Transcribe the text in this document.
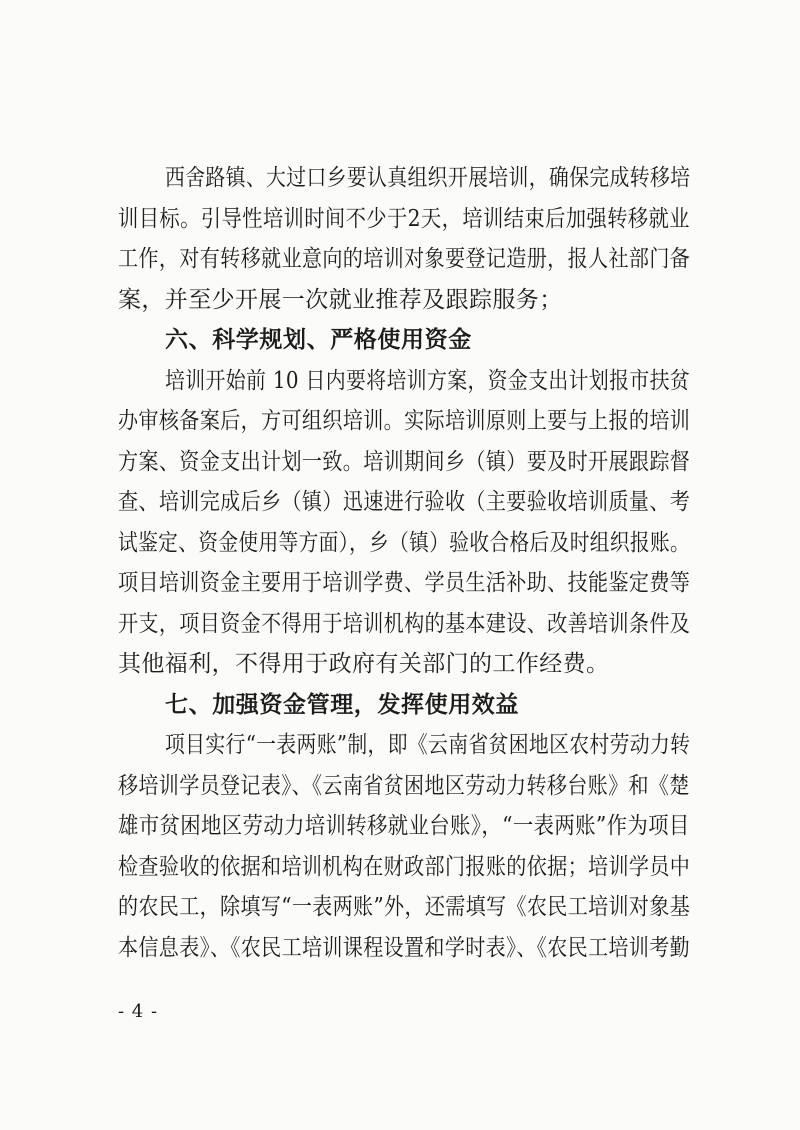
西舍路镇、大过口乡要认真组织开展培训，确保完成转移培
训目标。引导性培训时间不少于2天，培训结束后加强转移就业
工作，对有转移就业意向的培训对象要登记造册，报人社部门备
案，并至少开展一次就业推荐及跟踪服务；
六、科学规划、严格使用资金
培训开始前 10 日内要将培训方案，资金支出计划报市扶贫
办审核备案后，方可组织培训。实际培训原则上要与上报的培训
方案、资金支出计划一致。培训期间乡（镇）要及时开展跟踪督
查、培训完成后乡（镇）迅速进行验收（主要验收培训质量、考
试鉴定、资金使用等方面），乡（镇）验收合格后及时组织报账。
项目培训资金主要用于培训学费、学员生活补助、技能鉴定费等
开支，项目资金不得用于培训机构的基本建设、改善培训条件及
其他福利，不得用于政府有关部门的工作经费。
七、加强资金管理，发挥使用效益
项目实行“一表两账”制，即《云南省贫困地区农村劳动力转
移培训学员登记表》、《云南省贫困地区劳动力转移台账》和《楚
雄市贫困地区劳动力培训转移就业台账》，“一表两账”作为项目
检查验收的依据和培训机构在财政部门报账的依据；培训学员中
的农民工，除填写“一表两账”外，还需填写《农民工培训对象基
本信息表》、《农民工培训课程设置和学时表》、《农民工培训考勤
- 4 -
